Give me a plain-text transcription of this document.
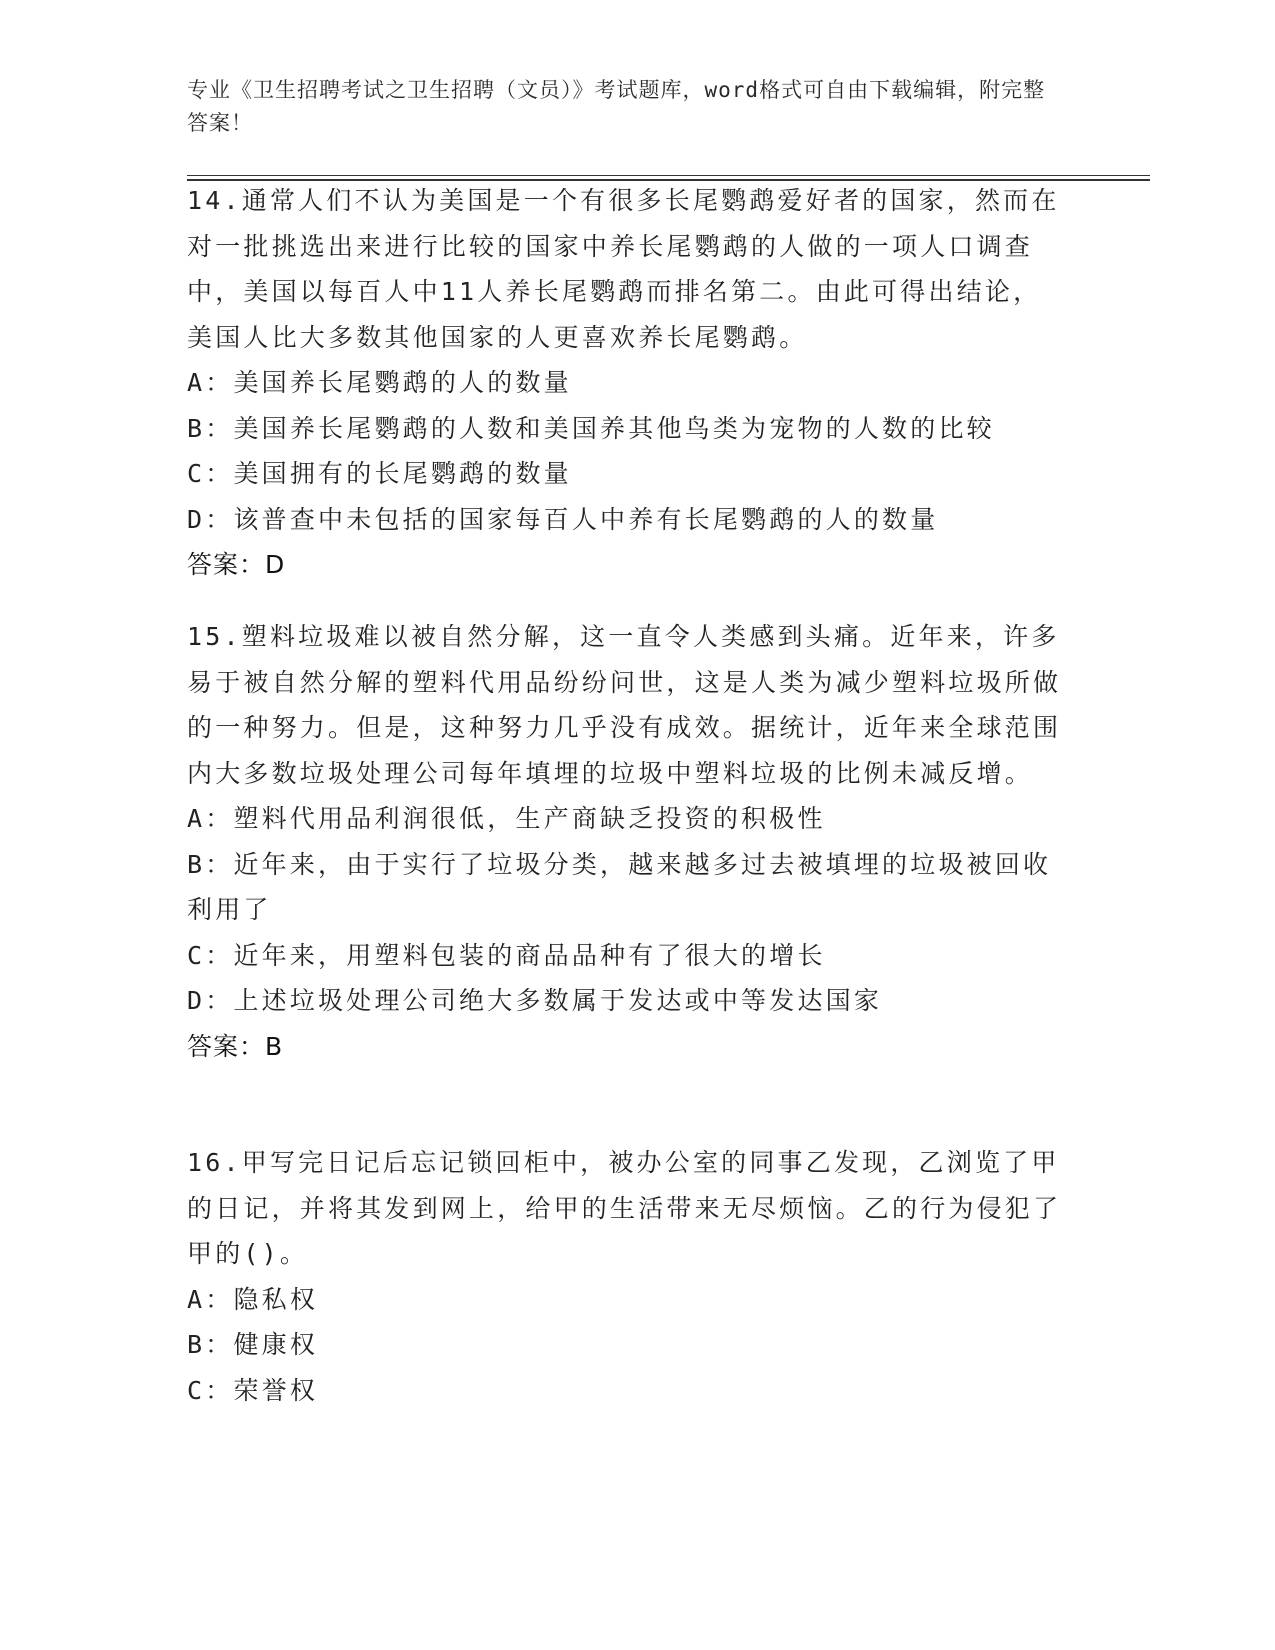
专业《卫生招聘考试之卫生招聘（文员）》考试题库，word格式可自由下载编辑，附完整答案！

14.通常人们不认为美国是一个有很多长尾鹦鹉爱好者的国家，然而在对一批挑选出来进行比较的国家中养长尾鹦鹉的人做的一项人口调查中，美国以每百人中11人养长尾鹦鹉而排名第二。由此可得出结论，美国人比大多数其他国家的人更喜欢养长尾鹦鹉。

A：美国养长尾鹦鹉的人的数量

B：美国养长尾鹦鹉的人数和美国养其他鸟类为宠物的人数的比较

C：美国拥有的长尾鹦鹉的数量

D：该普查中未包括的国家每百人中养有长尾鹦鹉的人的数量

答案：D

15.塑料垃圾难以被自然分解，这一直令人类感到头痛。近年来，许多易于被自然分解的塑料代用品纷纷问世，这是人类为减少塑料垃圾所做的一种努力。但是，这种努力几乎没有成效。据统计，近年来全球范围内大多数垃圾处理公司每年填埋的垃圾中塑料垃圾的比例未减反增。

A：塑料代用品利润很低，生产商缺乏投资的积极性

B：近年来，由于实行了垃圾分类，越来越多过去被填埋的垃圾被回收利用了

C：近年来，用塑料包装的商品品种有了很大的增长

D：上述垃圾处理公司绝大多数属于发达或中等发达国家

答案：B

16.甲写完日记后忘记锁回柜中，被办公室的同事乙发现，乙浏览了甲的日记，并将其发到网上，给甲的生活带来无尽烦恼。乙的行为侵犯了甲的()。

A：隐私权

B：健康权

C：荣誉权
